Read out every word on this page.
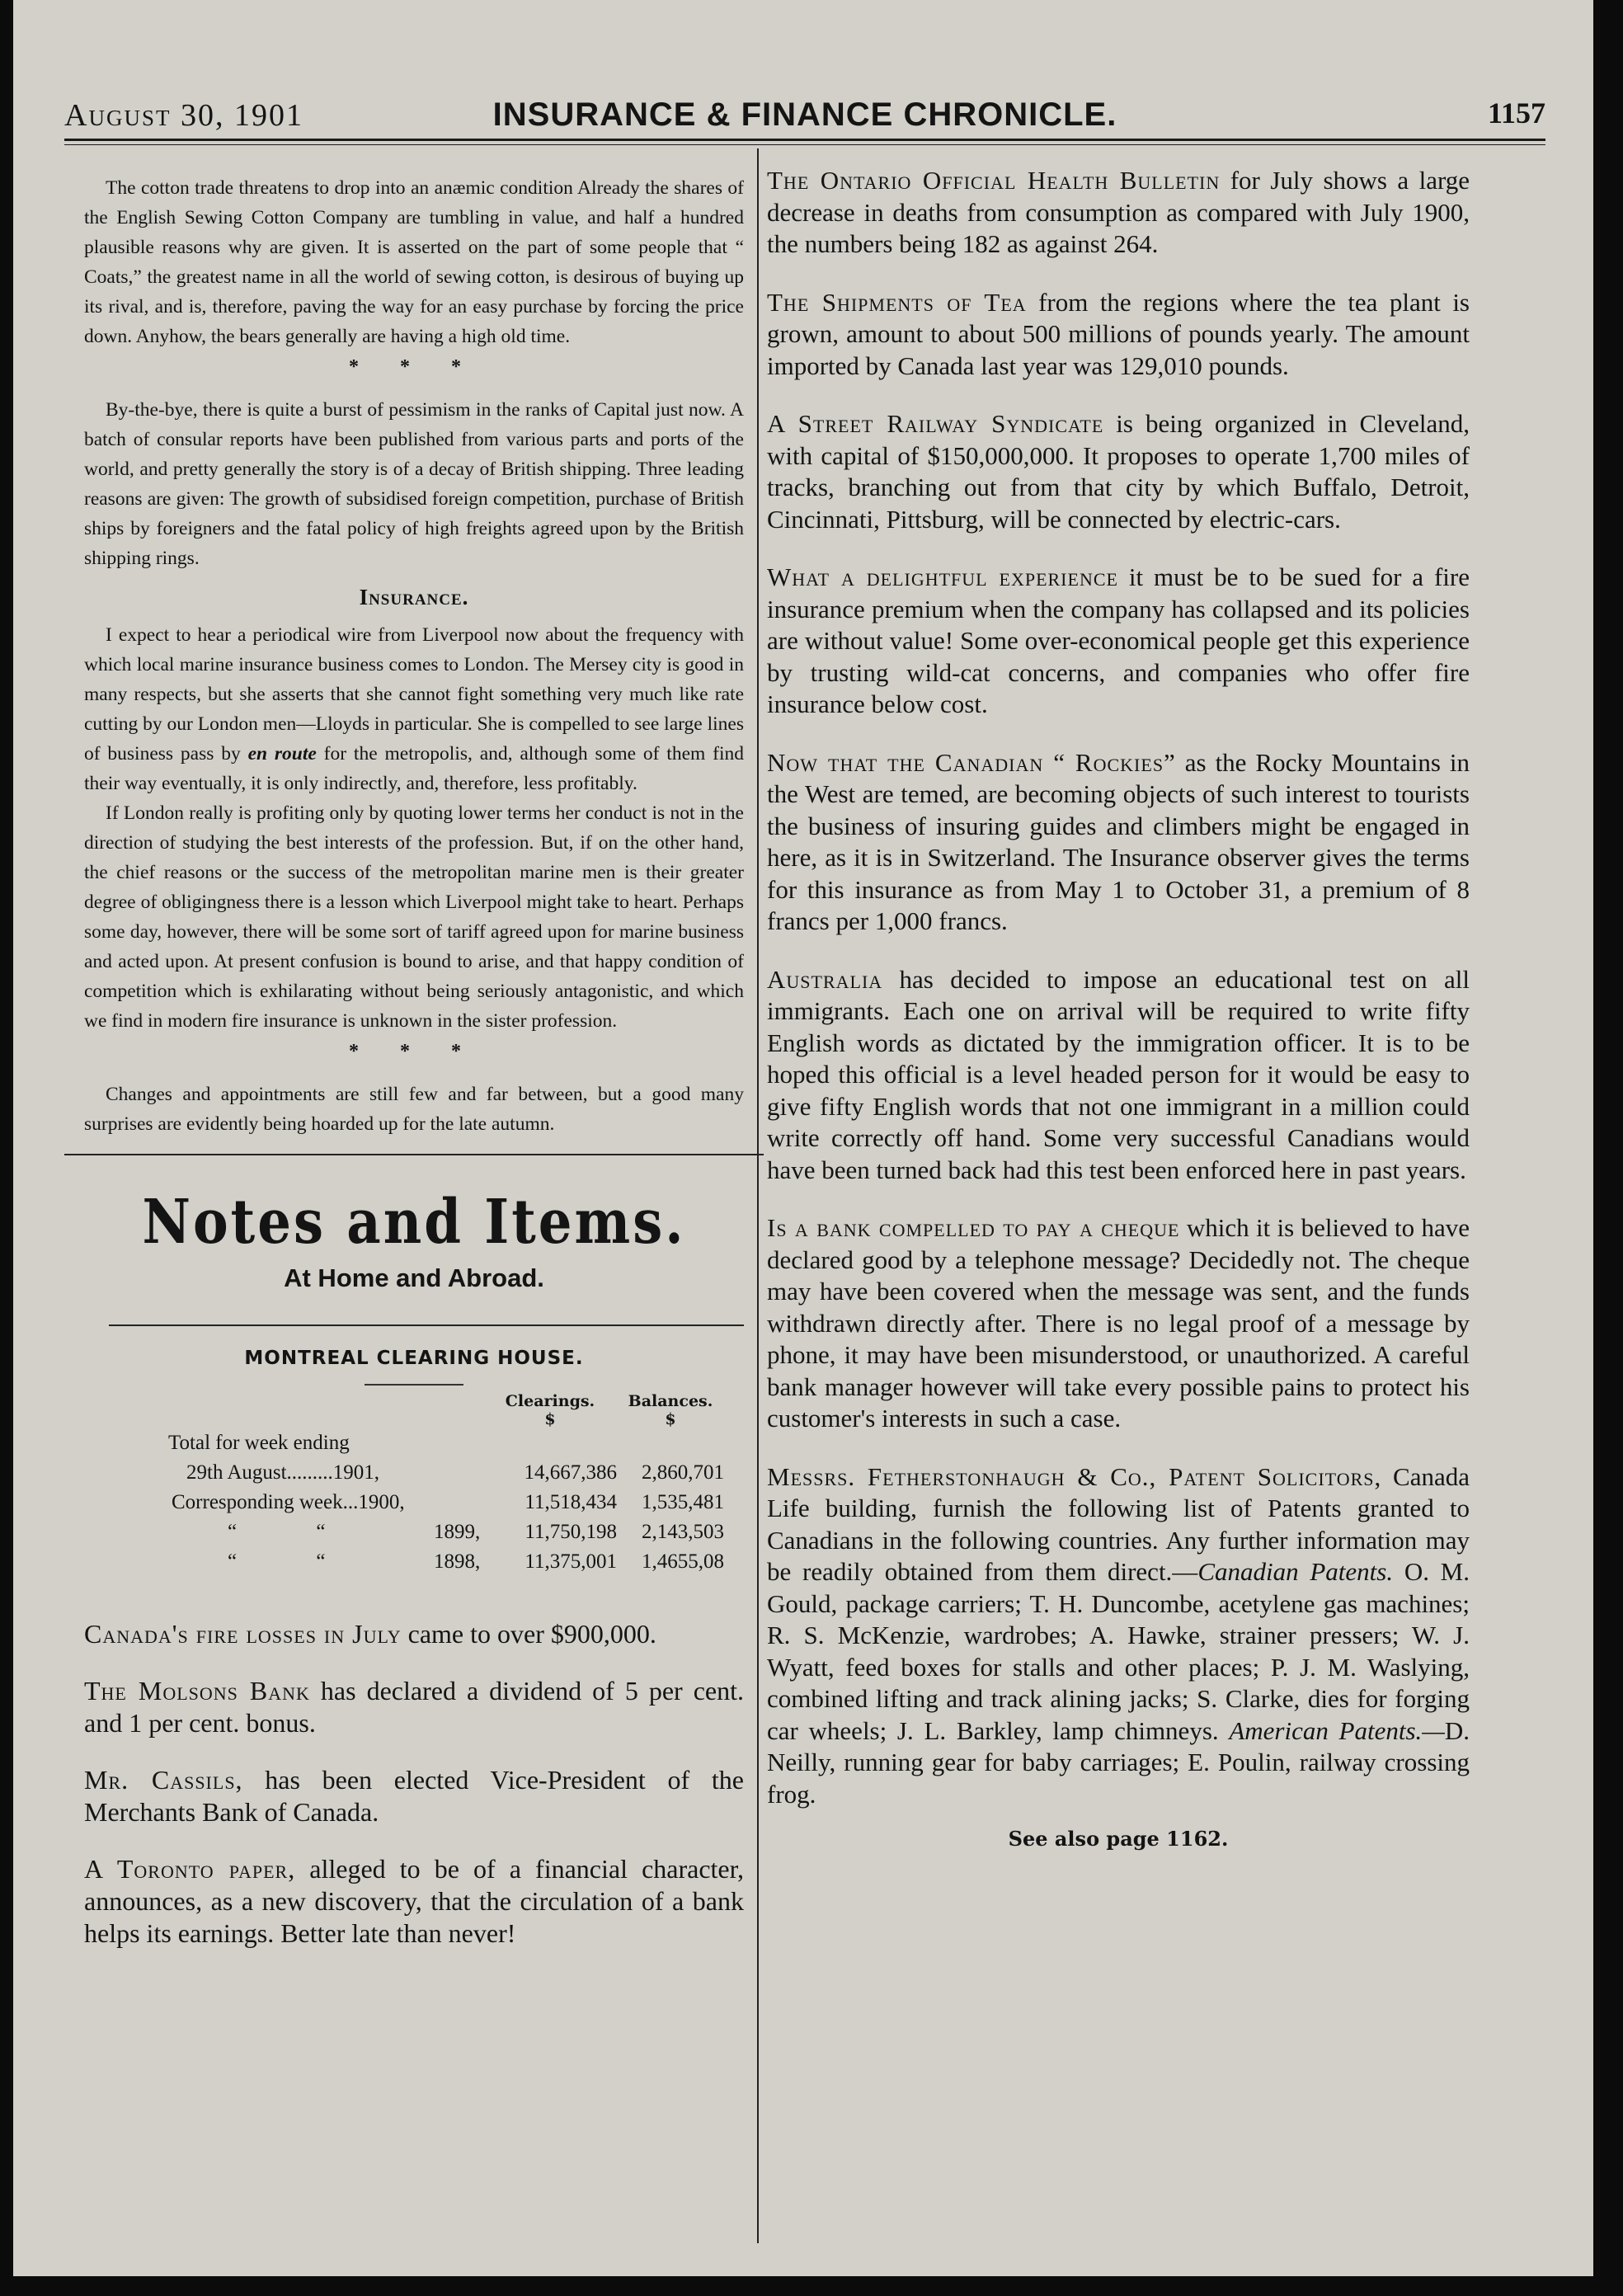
August 30, 1901	INSURANCE & FINANCE CHRONICLE.	1157

The cotton trade threatens to drop into an anæmic condition Already the shares of the English Sewing Cotton Company are tumbling in value, and half a hundred plausible reasons why are given. It is asserted on the part of some people that “ Coats,” the greatest name in all the world of sewing cotton, is desirous of buying up its rival, and is, therefore, paving the way for an easy purchase by forcing the price down. Anyhow, the bears generally are having a high old time.

* * *

By-the-bye, there is quite a burst of pessimism in the ranks of Capital just now. A batch of consular reports have been published from various parts and ports of the world, and pretty generally the story is of a decay of British shipping. Three leading reasons are given: The growth of subsidised foreign competition, purchase of British ships by foreigners and the fatal policy of high freights agreed upon by the British shipping rings.

Insurance.

I expect to hear a periodical wire from Liverpool now about the frequency with which local marine insurance business comes to London. The Mersey city is good in many respects, but she asserts that she cannot fight something very much like rate cutting by our London men—Lloyds in particular. She is compelled to see large lines of business pass by en route for the metropolis, and, although some of them find their way eventually, it is only indirectly, and, therefore, less profitably.

If London really is profiting only by quoting lower terms her conduct is not in the direction of studying the best interests of the profession. But, if on the other hand, the chief reasons or the success of the metropolitan marine men is their greater degree of obligingness there is a lesson which Liverpool might take to heart. Perhaps some day, however, there will be some sort of tariff agreed upon for marine business and acted upon. At present confusion is bound to arise, and that happy condition of competition which is exhilarating without being seriously antagonistic, and which we find in modern fire insurance is unknown in the sister profession.

* * *

Changes and appointments are still few and far between, but a good many surprises are evidently being hoarded up for the late autumn.

Notes and Items.
At Home and Abroad.
MONTREAL CLEARING HOUSE.
	Clearings.	Balances.
	$	$
Total for week ending		
29th August.........1901,	14,667,386	2,860,701
Corresponding week...1900,	11,518,434	1,535,481
“ “ 1899,	11,750,198	2,143,503
“ “ 1898,	11,375,001	1,4655,08

Canada's fire losses in July came to over $900,000.

The Molsons Bank has declared a dividend of 5 per cent. and 1 per cent. bonus.

Mr. Cassils, has been elected Vice-President of the Merchants Bank of Canada.

A Toronto paper, alleged to be of a financial character, announces, as a new discovery, that the circulation of a bank helps its earnings. Better late than never!

The Ontario Official Health Bulletin for July shows a large decrease in deaths from consumption as compared with July 1900, the numbers being 182 as against 264.

The Shipments of Tea from the regions where the tea plant is grown, amount to about 500 millions of pounds yearly. The amount imported by Canada last year was 129,010 pounds.

A Street Railway Syndicate is being organized in Cleveland, with capital of $150,000,000. It proposes to operate 1,700 miles of tracks, branching out from that city by which Buffalo, Detroit, Cincinnati, Pittsburg, will be connected by electric-cars.

What a delightful experience it must be to be sued for a fire insurance premium when the company has collapsed and its policies are without value! Some over-economical people get this experience by trusting wild-cat concerns, and companies who offer fire insurance below cost.

Now that the Canadian “ Rockies” as the Rocky Mountains in the West are temed, are becoming objects of such interest to tourists the business of insuring guides and climbers might be engaged in here, as it is in Switzerland. The Insurance observer gives the terms for this insurance as from May 1 to October 31, a premium of 8 francs per 1,000 francs.

Australia has decided to impose an educational test on all immigrants. Each one on arrival will be required to write fifty English words as dictated by the immigration officer. It is to be hoped this official is a level headed person for it would be easy to give fifty English words that not one immigrant in a million could write correctly off hand. Some very successful Canadians would have been turned back had this test been enforced here in past years.

Is a bank compelled to pay a cheque which it is believed to have declared good by a telephone message? Decidedly not. The cheque may have been covered when the message was sent, and the funds withdrawn directly after. There is no legal proof of a message by phone, it may have been misunderstood, or unauthorized. A careful bank manager however will take every possible pains to protect his customer's interests in such a case.

Messrs. Fetherstonhaugh & Co., Patent Solicitors, Canada Life building, furnish the following list of Patents granted to Canadians in the following countries. Any further information may be readily obtained from them direct.—Canadian Patents. O. M. Gould, package carriers; T. H. Duncombe, acetylene gas machines; R. S. McKenzie, wardrobes; A. Hawke, strainer pressers; W. J. Wyatt, feed boxes for stalls and other places; P. J. M. Waslying, combined lifting and track alining jacks; S. Clarke, dies for forging car wheels; J. L. Barkley, lamp chimneys. American Patents.—D. Neilly, running gear for baby carriages; E. Poulin, railway crossing frog.

See also page 1162.
